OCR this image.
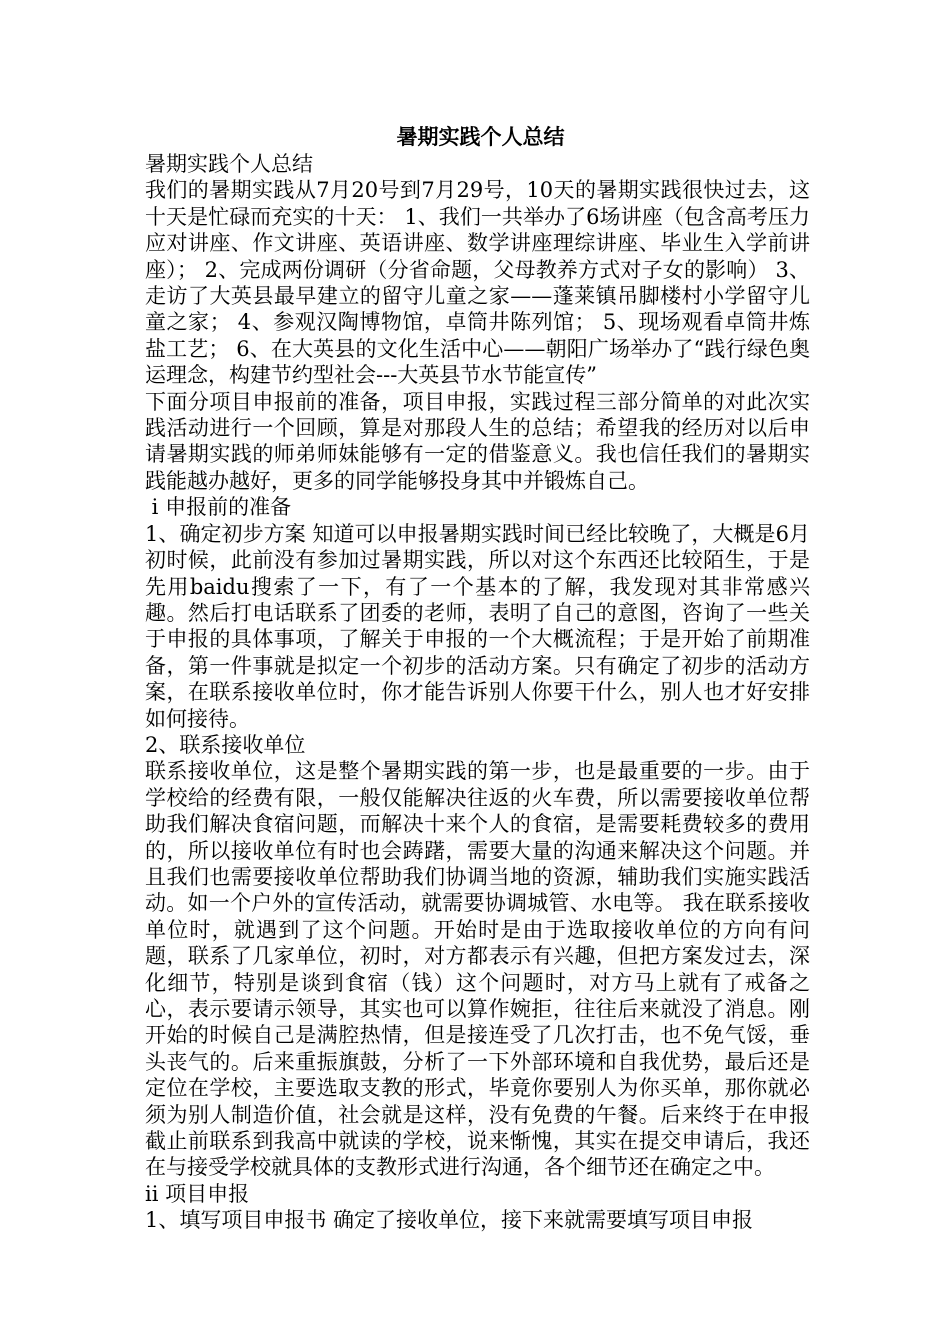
暑期实践个人总结

暑期实践个人总结

我们的暑期实践从7月20号到7月29号，10天的暑期实践很快过去，这十天是忙碌而充实的十天： 1、我们一共举办了6场讲座（包含高考压力应对讲座、作文讲座、英语讲座、数学讲座理综讲座、毕业生入学前讲座）； 2、完成两份调研（分省命题，父母教养方式对子女的影响） 3、走访了大英县最早建立的留守儿童之家——蓬莱镇吊脚楼村小学留守儿童之家； 4、参观汉陶博物馆，卓筒井陈列馆； 5、现场观看卓筒井炼盐工艺； 6、在大英县的文化生活中心——朝阳广场举办了“践行绿色奥运理念，构建节约型社会---大英县节水节能宣传”

下面分项目申报前的准备，项目申报，实践过程三部分简单的对此次实践活动进行一个回顾，算是对那段人生的总结；希望我的经历对以后申请暑期实践的师弟师妹能够有一定的借鉴意义。我也信任我们的暑期实践能越办越好，更多的同学能够投身其中并锻炼自己。

i 申报前的准备

1、确定初步方案 知道可以申报暑期实践时间已经比较晚了，大概是6月初时候，此前没有参加过暑期实践，所以对这个东西还比较陌生，于是先用baidu搜索了一下，有了一个基本的了解，我发现对其非常感兴趣。然后打电话联系了团委的老师，表明了自己的意图，咨询了一些关于申报的具体事项，了解关于申报的一个大概流程；于是开始了前期准备，第一件事就是拟定一个初步的活动方案。只有确定了初步的活动方案，在联系接收单位时，你才能告诉别人你要干什么，别人也才好安排如何接待。

2、联系接收单位

联系接收单位，这是整个暑期实践的第一步，也是最重要的一步。由于学校给的经费有限，一般仅能解决往返的火车费，所以需要接收单位帮助我们解决食宿问题，而解决十来个人的食宿，是需要耗费较多的费用的，所以接收单位有时也会踌躇，需要大量的沟通来解决这个问题。并且我们也需要接收单位帮助我们协调当地的资源，辅助我们实施实践活动。如一个户外的宣传活动，就需要协调城管、水电等。 我在联系接收单位时，就遇到了这个问题。开始时是由于选取接收单位的方向有问题，联系了几家单位，初时，对方都表示有兴趣，但把方案发过去，深化细节，特别是谈到食宿（钱）这个问题时，对方马上就有了戒备之心，表示要请示领导，其实也可以算作婉拒，往往后来就没了消息。刚开始的时候自己是满腔热情，但是接连受了几次打击，也不免气馁，垂头丧气的。后来重振旗鼓，分析了一下外部环境和自我优势，最后还是定位在学校，主要选取支教的形式，毕竟你要别人为你买单，那你就必须为别人制造价值，社会就是这样，没有免费的午餐。后来终于在申报截止前联系到我高中就读的学校，说来惭愧，其实在提交申请后，我还在与接受学校就具体的支教形式进行沟通，各个细节还在确定之中。

ii 项目申报

1、填写项目申报书 确定了接收单位，接下来就需要填写项目申报
